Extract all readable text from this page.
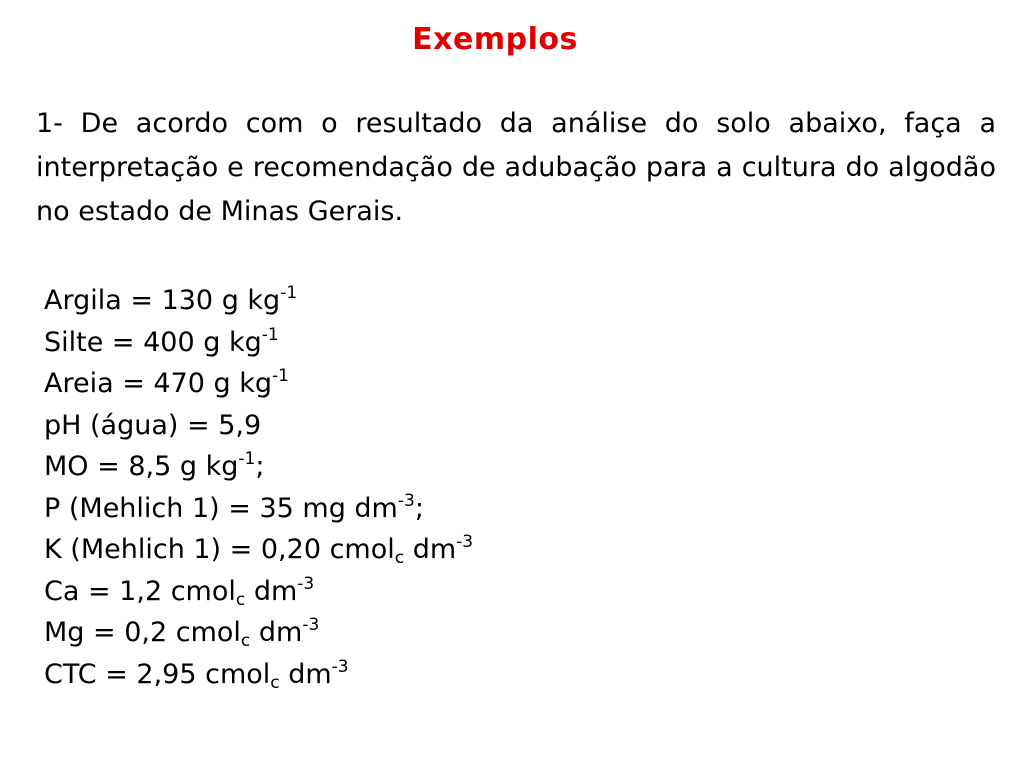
Exemplos
1- De acordo com o resultado da análise do solo abaixo, faça a interpretação e recomendação de adubação para a cultura do algodão no estado de Minas Gerais.
Argila = 130 g $kg^{-1}$
Silte = 400 g $kg^{-1}$
Areia = 470 g $kg^{-1}$
pH (água) = 5,9
MO = 8,5 g $kg^{-1}$;
P (Mehlich 1) = 35 mg $dm^{-3}$;
K (Mehlich 1) = 0,20 cmol$_c$ $dm^{-3}$
Ca = 1,2 cmol$_c$ $dm^{-3}$
Mg = 0,2 cmol$_c$ $dm^{-3}$
CTC = 2,95 cmol$_c$ $dm^{-3}$
